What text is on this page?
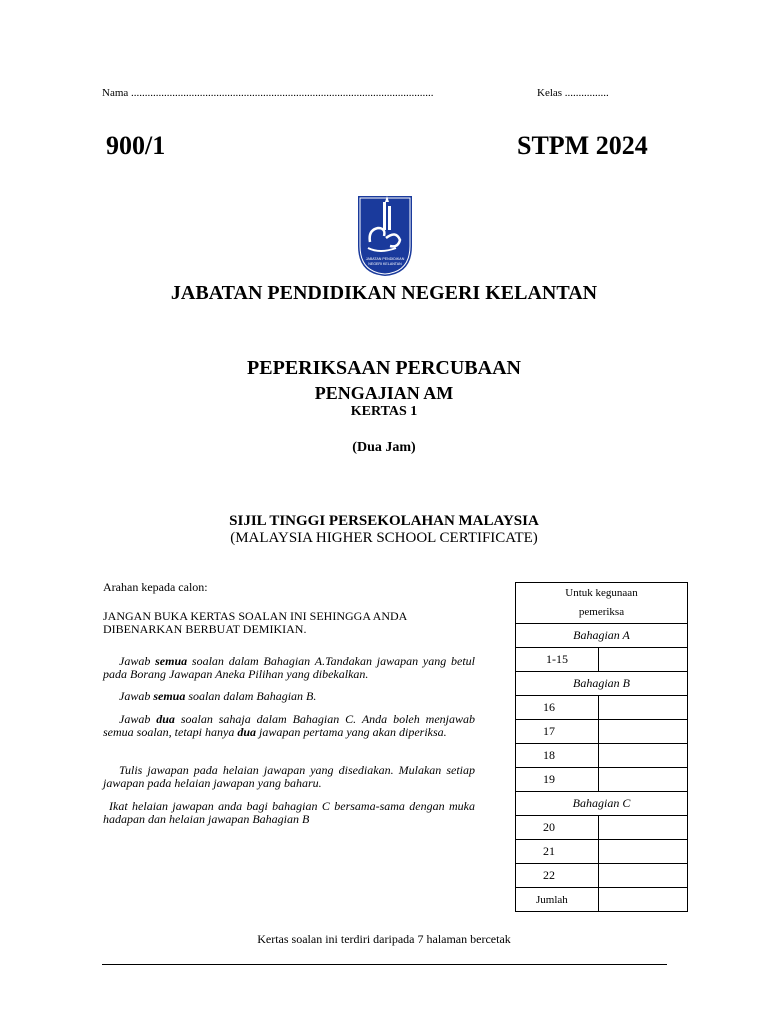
Nama ..............................................................................................................	Kelas ................
900/1	STPM 2024
JABATAN PENDIDIKAN
NEGERI KELANTAN
JABATAN PENDIDIKAN NEGERI KELANTAN
PEPERIKSAAN PERCUBAAN
PENGAJIAN AM
KERTAS 1
(Dua Jam)
SIJIL TINGGI PERSEKOLAHAN MALAYSIA
(MALAYSIA HIGHER SCHOOL CERTIFICATE)
Arahan kepada calon:
JANGAN BUKA KERTAS SOALAN INI SEHINGGA ANDA DIBENARKAN BERBUAT DEMIKIAN.
Jawab semua soalan dalam Bahagian A.Tandakan jawapan yang betul pada Borang Jawapan Aneka Pilihan yang dibekalkan.
Jawab semua soalan dalam Bahagian B.
Jawab dua soalan sahaja dalam Bahagian C. Anda boleh menjawab semua soalan, tetapi hanya dua jawapan pertama yang akan diperiksa.
Tulis jawapan pada helaian jawapan yang disediakan. Mulakan setiap jawapan pada helaian jawapan yang baharu.
Ikat helaian jawapan anda bagi bahagian C bersama-sama dengan muka hadapan dan helaian jawapan Bahagian B
Untuk kegunaan
pemeriksa	
Bahagian A	
1-15	
Bahagian B	
16	
17	
18	
19	
Bahagian C	
20	
21	
22	
Jumlah	
Kertas soalan ini terdiri daripada 7 halaman bercetak
